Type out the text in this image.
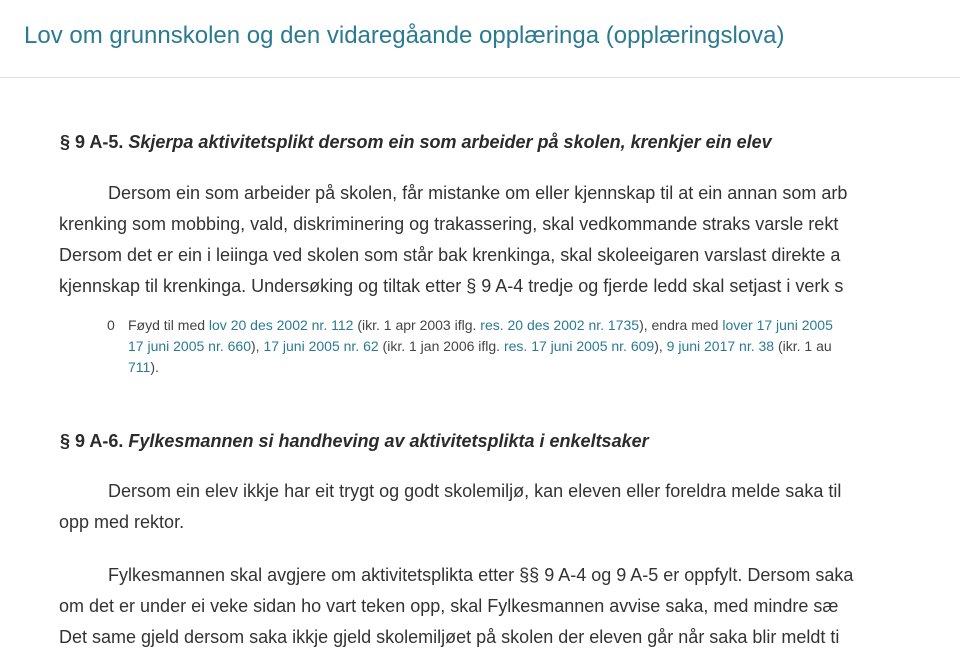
Lov om grunnskolen og den vidaregåande opplæringa (opplæringslova)
§ 9 A-5. Skjerpa aktivitetsplikt dersom ein som arbeider på skolen, krenkjer ein elev
Dersom ein som arbeider på skolen, får mistanke om eller kjennskap til at ein annan som arb
krenking som mobbing, vald, diskriminering og trakassering, skal vedkommande straks varsle rekt
Dersom det er ein i leiinga ved skolen som står bak krenkinga, skal skoleeigaren varslast direkte a
kjennskap til krenkinga. Undersøking og tiltak etter § 9 A-4 tredje og fjerde ledd skal setjast i verk s
0 Føyd til med lov 20 des 2002 nr. 112 (ikr. 1 apr 2003 iflg. res. 20 des 2002 nr. 1735), endra med lover 17 juni 2005
17 juni 2005 nr. 660), 17 juni 2005 nr. 62 (ikr. 1 jan 2006 iflg. res. 17 juni 2005 nr. 609), 9 juni 2017 nr. 38 (ikr. 1 au
711).
§ 9 A-6. Fylkesmannen si handheving av aktivitetsplikta i enkeltsaker
Dersom ein elev ikkje har eit trygt og godt skolemiljø, kan eleven eller foreldra melde saka til
opp med rektor.
Fylkesmannen skal avgjere om aktivitetsplikta etter §§ 9 A-4 og 9 A-5 er oppfylt. Dersom saka
om det er under ei veke sidan ho vart teken opp, skal Fylkesmannen avvise saka, med mindre sæ
Det same gjeld dersom saka ikkje gjeld skolemiljøet på skolen der eleven går når saka blir meldt ti
